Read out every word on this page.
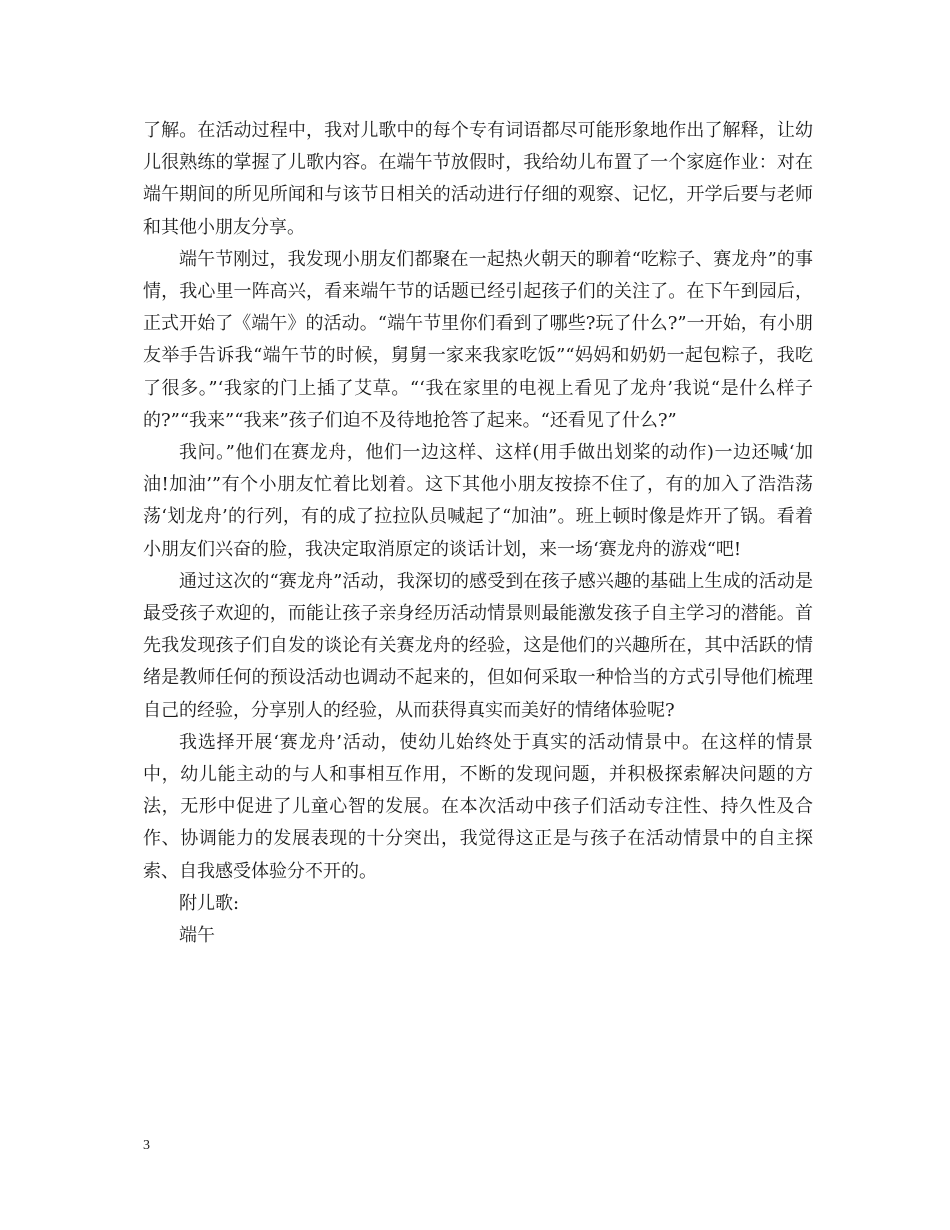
了解。在活动过程中，我对儿歌中的每个专有词语都尽可能形象地作出了解释，让幼儿很熟练的掌握了儿歌内容。在端午节放假时，我给幼儿布置了一个家庭作业：对在端午期间的所见所闻和与该节日相关的活动进行仔细的观察、记忆，开学后要与老师和其他小朋友分享。

端午节刚过，我发现小朋友们都聚在一起热火朝天的聊着“吃粽子、赛龙舟”的事情，我心里一阵高兴，看来端午节的话题已经引起孩子们的关注了。在下午到园后，正式开始了《端午》的活动。“端午节里你们看到了哪些?玩了什么?”一开始，有小朋友举手告诉我“端午节的时候，舅舅一家来我家吃饭”“妈妈和奶奶一起包粽子，我吃了很多。”‘我家的门上插了艾草。“‘我在家里的电视上看见了龙舟’我说“是什么样子的?”“我来”“我来”孩子们迫不及待地抢答了起来。“还看见了什么?”

我问。”他们在赛龙舟，他们一边这样、这样(用手做出划桨的动作)一边还喊‘加油!加油’”有个小朋友忙着比划着。这下其他小朋友按捺不住了，有的加入了浩浩荡荡‘划龙舟’的行列，有的成了拉拉队员喊起了“加油”。班上顿时像是炸开了锅。看着小朋友们兴奋的脸，我决定取消原定的谈话计划，来一场‘赛龙舟的游戏“吧!

通过这次的“赛龙舟”活动，我深切的感受到在孩子感兴趣的基础上生成的活动是最受孩子欢迎的，而能让孩子亲身经历活动情景则最能激发孩子自主学习的潜能。首先我发现孩子们自发的谈论有关赛龙舟的经验，这是他们的兴趣所在，其中活跃的情绪是教师任何的预设活动也调动不起来的，但如何采取一种恰当的方式引导他们梳理自己的经验，分享别人的经验，从而获得真实而美好的情绪体验呢?

我选择开展‘赛龙舟’活动，使幼儿始终处于真实的活动情景中。在这样的情景中，幼儿能主动的与人和事相互作用，不断的发现问题，并积极探索解决问题的方法，无形中促进了儿童心智的发展。在本次活动中孩子们活动专注性、持久性及合作、协调能力的发展表现的十分突出，我觉得这正是与孩子在活动情景中的自主探索、自我感受体验分不开的。

附儿歌:

端午

3
